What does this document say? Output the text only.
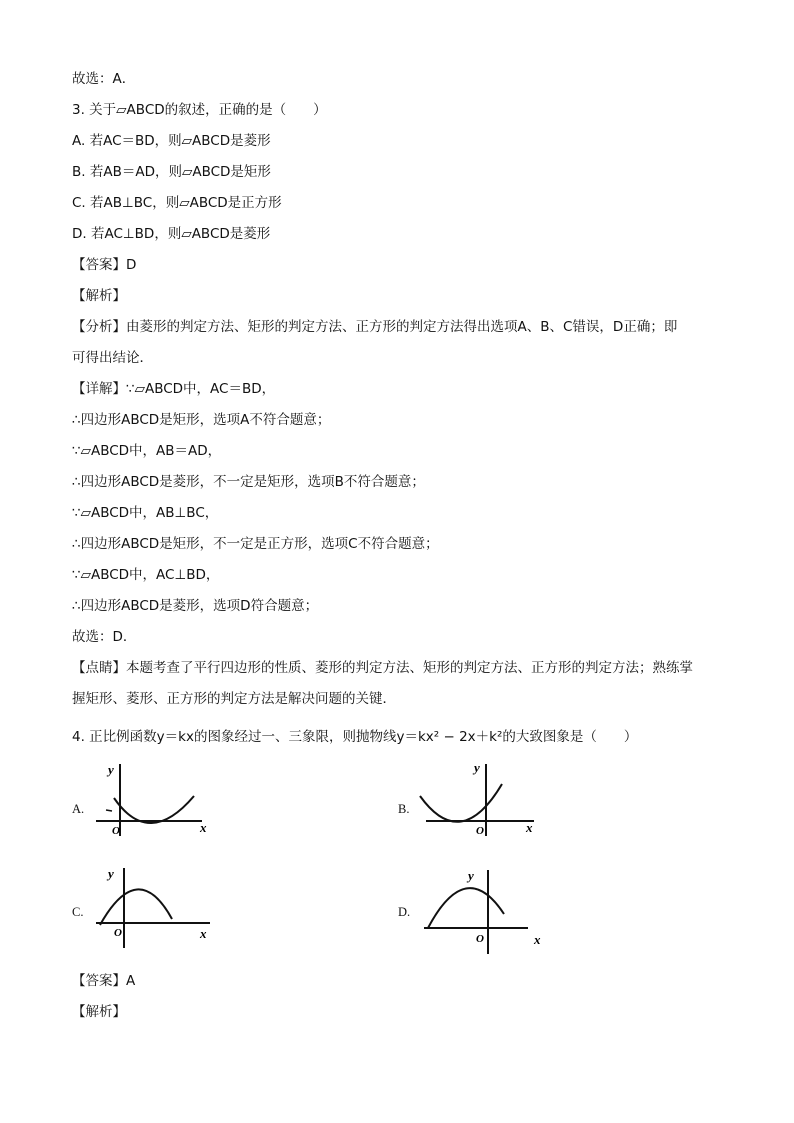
故选：A．
3. 关于▱ABCD的叙述，正确的是（　　）
A. 若AC＝BD，则▱ABCD是菱形
B. 若AB＝AD，则▱ABCD是矩形
C. 若AB⊥BC，则▱ABCD是正方形
D. 若AC⊥BD，则▱ABCD是菱形
【答案】D
【解析】
【分析】由菱形的判定方法、矩形的判定方法、正方形的判定方法得出选项A、B、C错误，D正确；即
可得出结论．
【详解】∵▱ABCD中，AC＝BD，
∴四边形ABCD是矩形，选项A不符合题意；
∵▱ABCD中，AB＝AD，
∴四边形ABCD是菱形，不一定是矩形，选项B不符合题意；
∵▱ABCD中，AB⊥BC，
∴四边形ABCD是矩形，不一定是正方形，选项C不符合题意；
∵▱ABCD中，AC⊥BD，
∴四边形ABCD是菱形，选项D符合题意；
故选：D．
【点睛】本题考查了平行四边形的性质、菱形的判定方法、矩形的判定方法、正方形的判定方法；熟练掌
握矩形、菱形、正方形的判定方法是解决问题的关键．
4. 正比例函数y＝kx的图象经过一、三象限，则抛物线y＝kx² − 2x＋k²的大致图象是（　　）
A.	B.
C.	D.
y
x
O
y
x
O
y
x
O
y
x
O
【答案】A
【解析】
